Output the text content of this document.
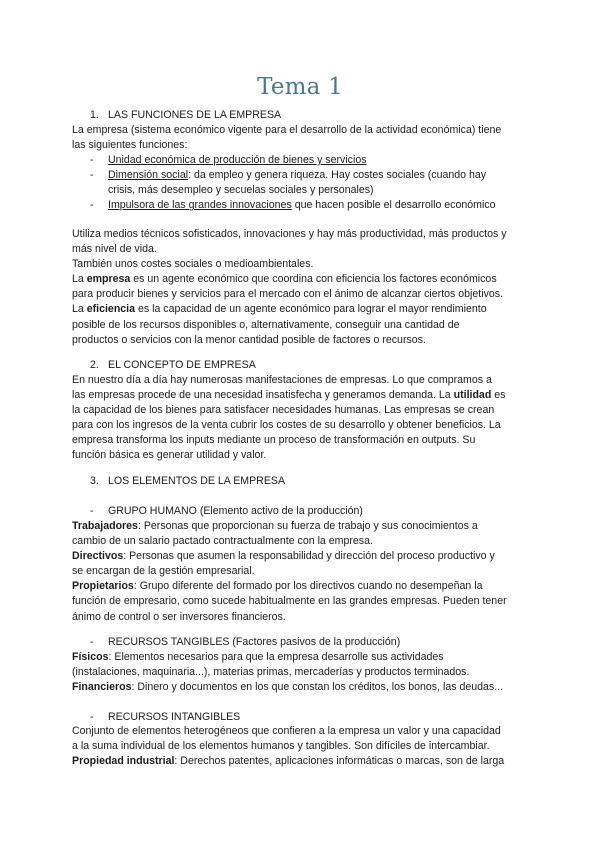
Tema 1
1. LAS FUNCIONES DE LA EMPRESA

La empresa (sistema económico vigente para el desarrollo de la actividad económica) tiene

las siguientes funciones:

- Unidad económica de producción de bienes y servicios

- Dimensión social: da empleo y genera riqueza. Hay costes sociales (cuando hay

crisis, más desempleo y secuelas sociales y personales)

- Impulsora de las grandes innovaciones que hacen posible el desarrollo económico

Utiliza medios técnicos sofisticados, innovaciones y hay más productividad, más productos y

más nivel de vida.

También unos costes sociales o medioambientales.

La empresa es un agente económico que coordina con eficiencia los factores económicos

para producir bienes y servicios para el mercado con el ánimo de alcanzar ciertos objetivos.

La eficiencia es la capacidad de un agente económico para lograr el mayor rendimiento

posible de los recursos disponibles o, alternativamente, conseguir una cantidad de

productos o servicios con la menor cantidad posible de factores o recursos.

2. EL CONCEPTO DE EMPRESA

En nuestro día a día hay numerosas manifestaciones de empresas. Lo que compramos a

las empresas procede de una necesidad insatisfecha y generamos demanda. La utilidad es

la capacidad de los bienes para satisfacer necesidades humanas. Las empresas se crean

para con los ingresos de la venta cubrir los costes de su desarrollo y obtener beneficios. La

empresa transforma los inputs mediante un proceso de transformación en outputs. Su

función básica es generar utilidad y valor.

3. LOS ELEMENTOS DE LA EMPRESA
- GRUPO HUMANO (Elemento activo de la producción)

Trabajadores: Personas que proporcionan su fuerza de trabajo y sus conocimientos a

cambio de un salario pactado contractualmente con la empresa.

Directivos: Personas que asumen la responsabilidad y dirección del proceso productivo y

se encargan de la gestión empresarial.

Propietarios: Grupo diferente del formado por los directivos cuando no desempeñan la

función de empresario, como sucede habitualmente en las grandes empresas. Pueden tener

ánimo de control o ser inversores financieros.

- RECURSOS TANGIBLES (Factores pasivos de la producción)

Físicos: Elementos necesarios para que la empresa desarrolle sus actividades

(instalaciones, maquinaria...), materias primas, mercaderías y productos terminados.

Financieros: Dinero y documentos en los que constan los créditos, los bonos, las deudas...

- RECURSOS INTANGIBLES

Conjunto de elementos heterogéneos que confieren a la empresa un valor y una capacidad

a la suma individual de los elementos humanos y tangibles. Son difíciles de intercambiar.

Propiedad industrial: Derechos patentes, aplicaciones informáticas o marcas, son de larga
